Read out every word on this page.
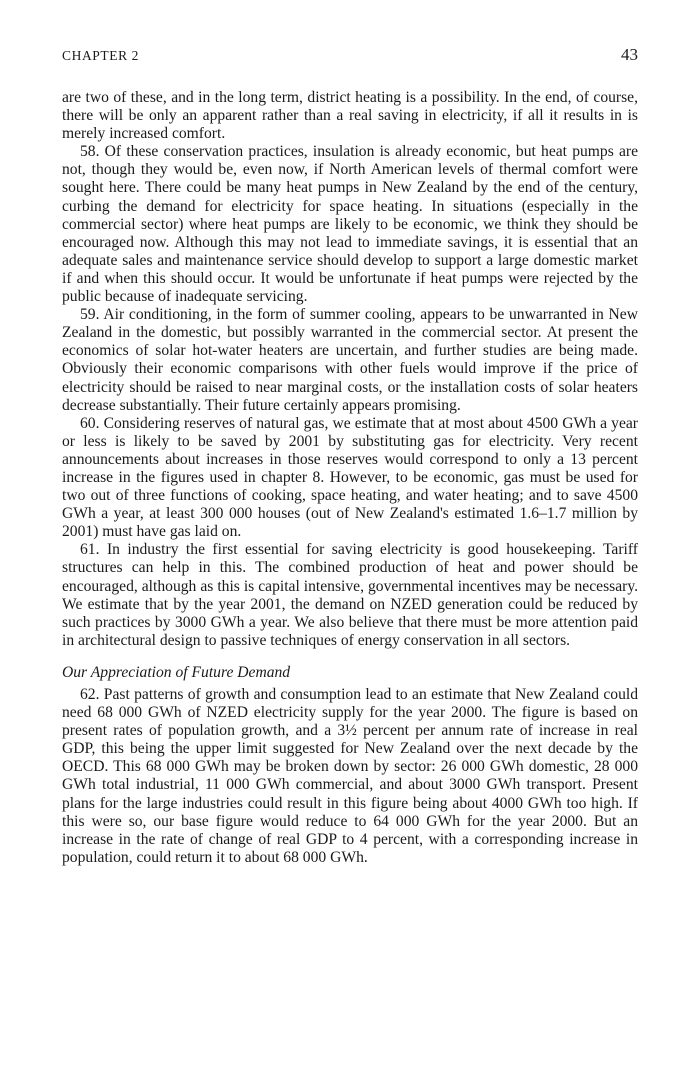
CHAPTER 2	43

are two of these, and in the long term, district heating is a possibility. In the end, of course, there will be only an apparent rather than a real saving in electricity, if all it results in is merely increased comfort.

58. Of these conservation practices, insulation is already economic, but heat pumps are not, though they would be, even now, if North American levels of thermal comfort were sought here. There could be many heat pumps in New Zealand by the end of the century, curbing the demand for electricity for space heating. In situations (especially in the commercial sector) where heat pumps are likely to be economic, we think they should be encouraged now. Although this may not lead to immediate savings, it is essential that an adequate sales and maintenance service should develop to support a large domestic market if and when this should occur. It would be unfortunate if heat pumps were rejected by the public because of inadequate servicing.

59. Air conditioning, in the form of summer cooling, appears to be unwarranted in New Zealand in the domestic, but possibly warranted in the commercial sector. At present the economics of solar hot-water heaters are uncertain, and further studies are being made. Obviously their economic comparisons with other fuels would improve if the price of electricity should be raised to near marginal costs, or the installation costs of solar heaters decrease substantially. Their future certainly appears promising.

60. Considering reserves of natural gas, we estimate that at most about 4500 GWh a year or less is likely to be saved by 2001 by substituting gas for electricity. Very recent announcements about increases in those reserves would correspond to only a 13 percent increase in the figures used in chapter 8. However, to be economic, gas must be used for two out of three functions of cooking, space heating, and water heating; and to save 4500 GWh a year, at least 300 000 houses (out of New Zealand's estimated 1.6–1.7 million by 2001) must have gas laid on.

61. In industry the first essential for saving electricity is good housekeeping. Tariff structures can help in this. The combined production of heat and power should be encouraged, although as this is capital intensive, governmental incentives may be necessary. We estimate that by the year 2001, the demand on NZED generation could be reduced by such practices by 3000 GWh a year. We also believe that there must be more attention paid in architectural design to passive techniques of energy conservation in all sectors.

Our Appreciation of Future Demand

62. Past patterns of growth and consumption lead to an estimate that New Zealand could need 68 000 GWh of NZED electricity supply for the year 2000. The figure is based on present rates of population growth, and a 3½ percent per annum rate of increase in real GDP, this being the upper limit suggested for New Zealand over the next decade by the OECD. This 68 000 GWh may be broken down by sector: 26 000 GWh domestic, 28 000 GWh total industrial, 11 000 GWh commercial, and about 3000 GWh transport. Present plans for the large industries could result in this figure being about 4000 GWh too high. If this were so, our base figure would reduce to 64 000 GWh for the year 2000. But an increase in the rate of change of real GDP to 4 percent, with a corresponding increase in population, could return it to about 68 000 GWh.
